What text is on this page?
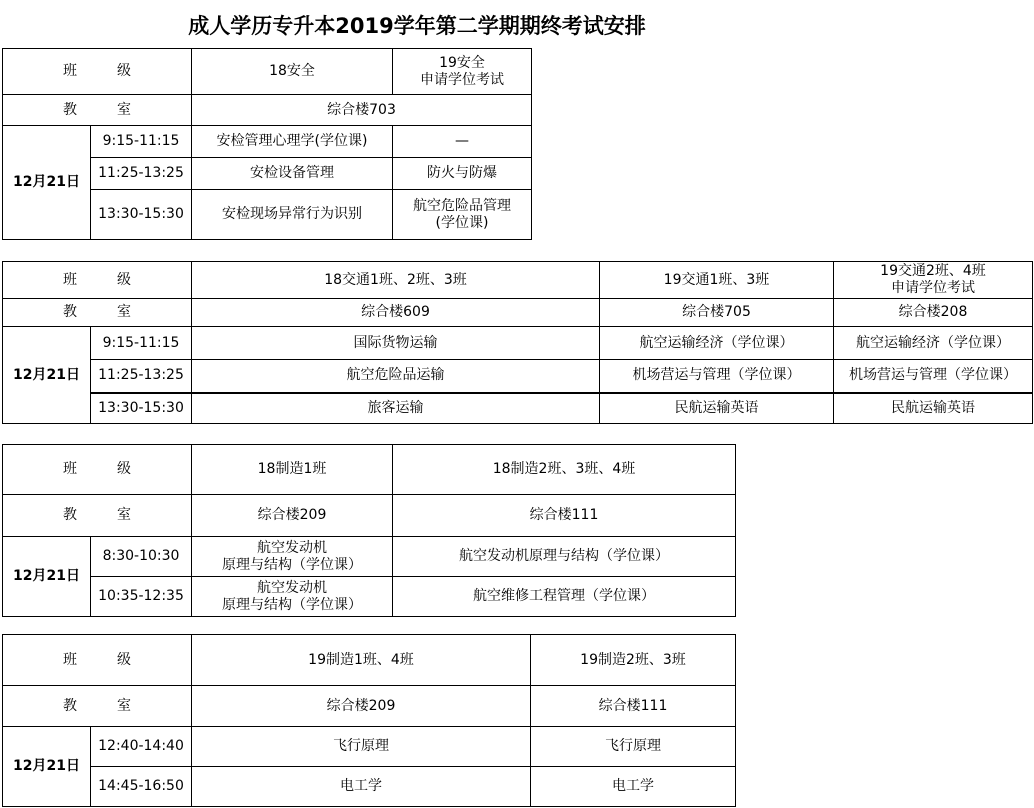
成人学历专升本2019学年第二学期期终考试安排
班 级		18安全	19安全
申请学位考试

教 室		综合楼703	
12月21日	9:15-11:15	安检管理心理学(学位课)	—
	11:25-13:25	安检设备管理	防火与防爆
	13:30-15:30	安检现场异常行为识别	航空危险品管理
(学位课)
班 级		18交通1班、2班、3班	19交通1班、3班	19交通2班、4班
申请学位考试

教 室		综合楼609	综合楼705	综合楼208
12月21日	9:15-11:15	国际货物运输	航空运输经济（学位课）	航空运输经济（学位课）
	11:25-13:25	航空危险品运输	机场营运与管理（学位课）	机场营运与管理（学位课）
	13:30-15:30	旅客运输	民航运输英语	民航运输英语
班 级		18制造1班	18制造2班、3班、4班
教 室		综合楼209	综合楼111
12月21日	8:30-10:30	航空发动机
原理与结构（学位课）	航空发动机原理与结构（学位课）
	10:35-12:35	航空发动机
原理与结构（学位课）	航空维修工程管理（学位课）
班 级		19制造1班、4班	19制造2班、3班
教 室		综合楼209	综合楼111
12月21日	12:40-14:40	飞行原理	飞行原理
	14:45-16:50	电工学	电工学
